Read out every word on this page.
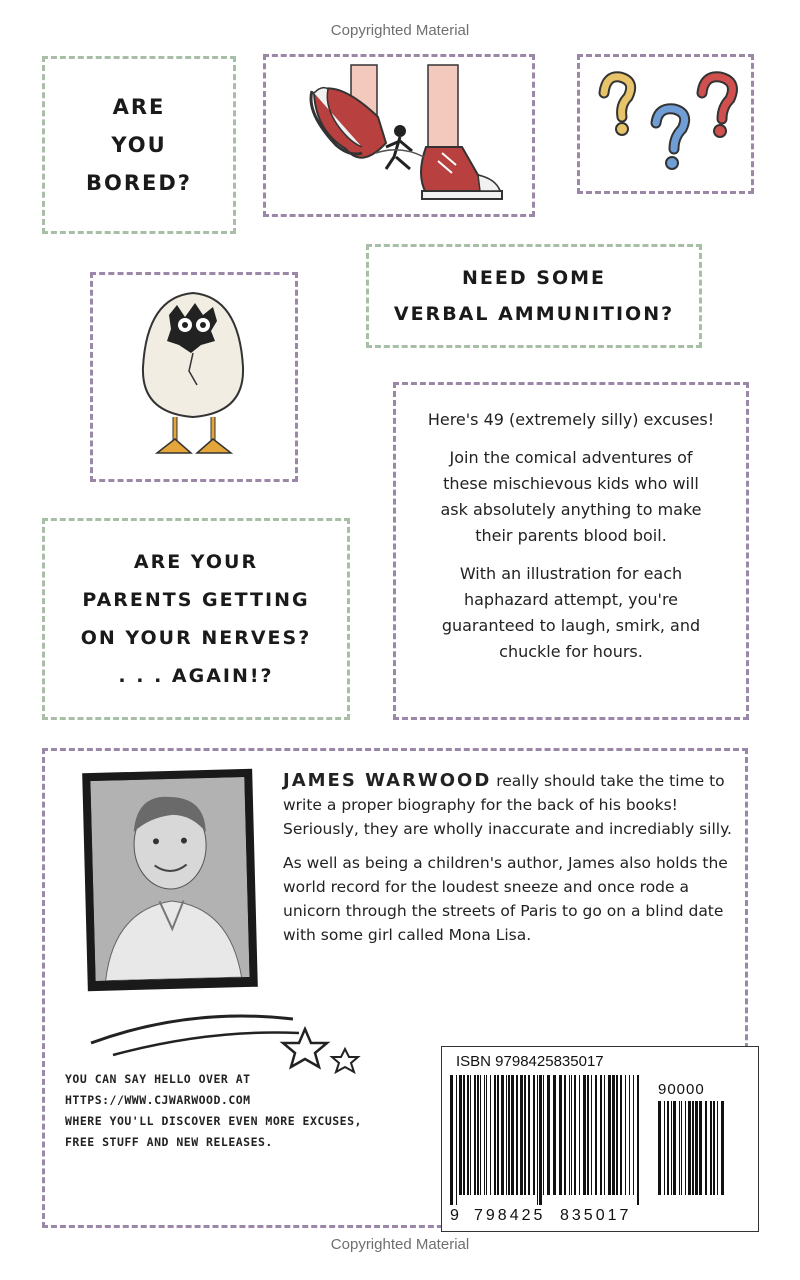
Copyrighted Material
ARE
YOU
BORED?
NEED SOME
VERBAL AMMUNITION?

Here's 49 (extremely silly) excuses!

Join the comical adventures of these mischievous kids who will ask absolutely anything to make their parents blood boil.

With an illustration for each haphazard attempt, you're guaranteed to laugh, smirk, and chuckle for hours.

ARE YOUR
PARENTS GETTING
ON YOUR NERVES?
. . . AGAIN!?

JAMES WARWOOD really should take the time to write a proper biography for the back of his books! Seriously, they are wholly inaccurate and incrediably silly.

As well as being a children's author, James also holds the world record for the loudest sneeze and once rode a unicorn through the streets of Paris to go on a blind date with some girl called Mona Lisa.

YOU CAN SAY HELLO OVER AT
HTTPS://WWW.CJWARWOOD.COM
WHERE YOU'LL DISCOVER EVEN MORE EXCUSES,
FREE STUFF AND NEW RELEASES.
ISBN 9798425835017
90000
9 798425 835017
Copyrighted Material
